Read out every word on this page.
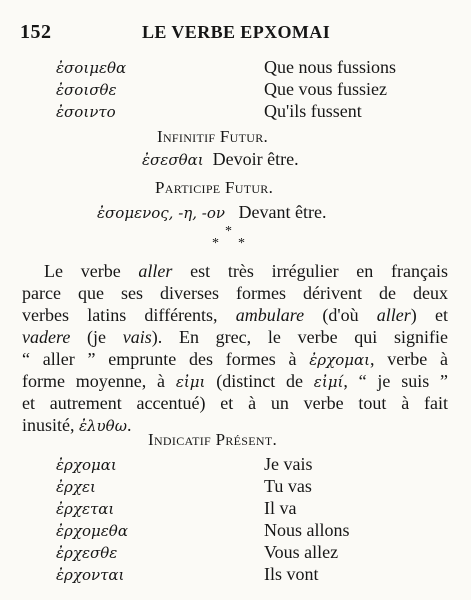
152	LE VERBE ΕΡΧΟΜΑΙ
ἐσοιμεθα	Que nous fussions
ἐσοισθε	Que vous fussiez
ἐσοιντο	Qu'ils fussent
Infinitif Futur.
ἐσεσθαι Devoir être.
Participe Futur.
ἐσομενος, -η, -ον Devant être.
*
*
*
Le verbe aller est très irrégulier en français
parce que ses diverses formes dérivent de deux
verbes latins différents, ambulare (d'où aller) et
vadere (je vais). En grec, le verbe qui signifie
“ aller ” emprunte des formes à ἐρχομαι, verbe à
forme moyenne, à εἰμι (distinct de εἰμί, “ je suis ”
et autrement accentué) et à un verbe tout à fait
inusité, ἐλυθω.
Indicatif Présent.
ἐρχομαι	Je vais
ἐρχει	Tu vas
ἐρχεται	Il va
ἐρχομεθα	Nous allons
ἐρχεσθε	Vous allez
ἐρχονται	Ils vont
